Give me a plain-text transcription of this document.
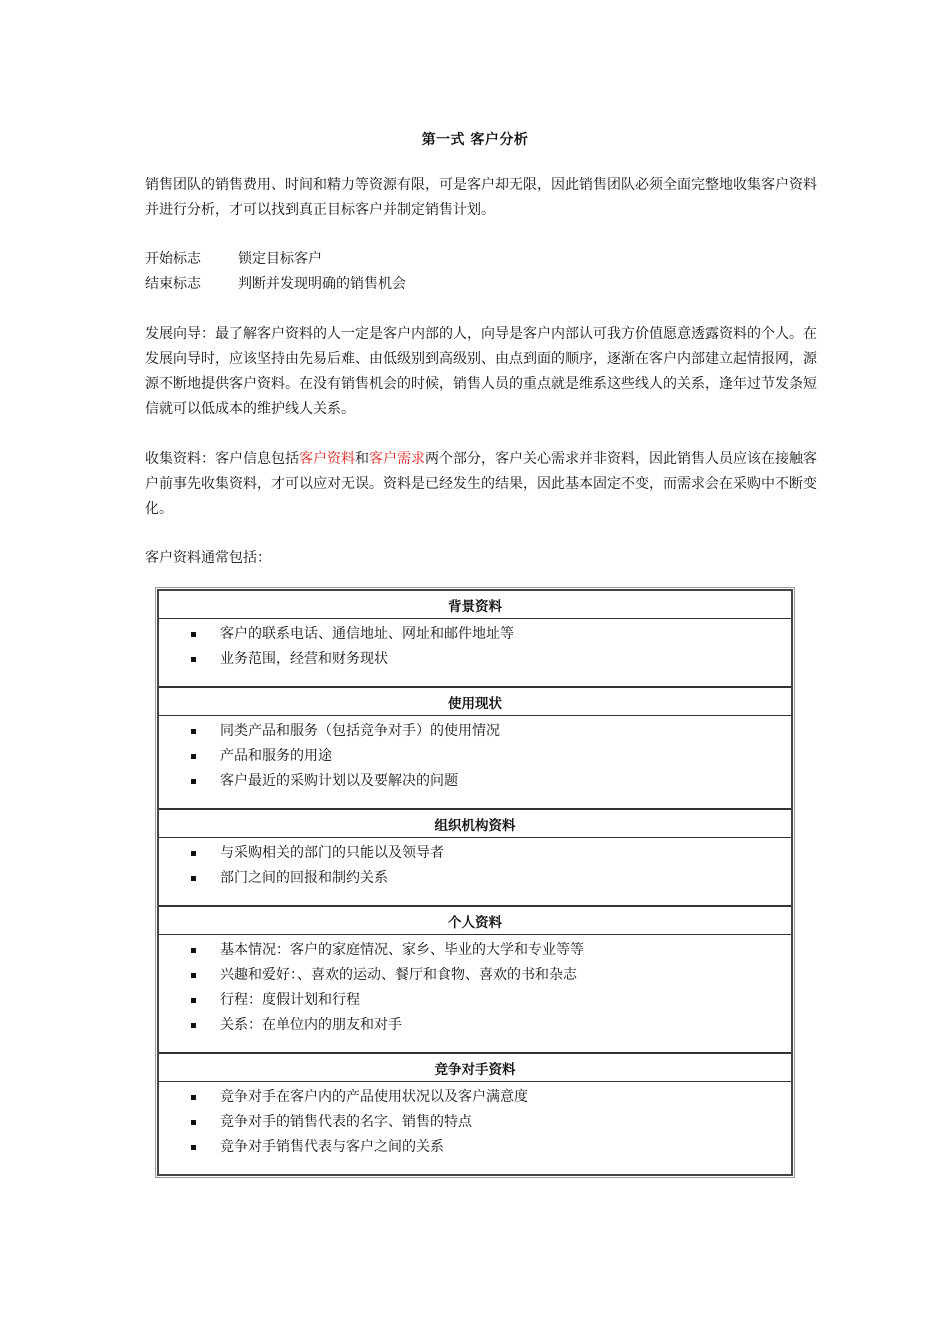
第一式 客户分析
销售团队的销售费用、时间和精力等资源有限，可是客户却无限，因此销售团队必须全面完整地收集客户资料并进行分析，才可以找到真正目标客户并制定销售计划。
开始标志	锁定目标客户
结束标志	判断并发现明确的销售机会
发展向导：最了解客户资料的人一定是客户内部的人，向导是客户内部认可我方价值愿意透露资料的个人。在发展向导时，应该坚持由先易后难、由低级别到高级别、由点到面的顺序，逐渐在客户内部建立起情报网，源源不断地提供客户资料。在没有销售机会的时候，销售人员的重点就是维系这些线人的关系，逢年过节发条短信就可以低成本的维护线人关系。
收集资料：客户信息包括客户资料和客户需求两个部分，客户关心需求并非资料，因此销售人员应该在接触客户前事先收集资料，才可以应对无误。资料是已经发生的结果，因此基本固定不变，而需求会在采购中不断变化。
客户资料通常包括：
背景资料

客户的联系电话、通信地址、网址和邮件地址等
业务范围，经营和财务现状

使用现状

同类产品和服务（包括竞争对手）的使用情况
产品和服务的用途
客户最近的采购计划以及要解决的问题

组织机构资料

与采购相关的部门的只能以及领导者
部门之间的回报和制约关系

个人资料

基本情况：客户的家庭情况、家乡、毕业的大学和专业等等
兴趣和爱好：、喜欢的运动、餐厅和食物、喜欢的书和杂志
行程：度假计划和行程
关系：在单位内的朋友和对手

竞争对手资料

竞争对手在客户内的产品使用状况以及客户满意度
竞争对手的销售代表的名字、销售的特点
竞争对手销售代表与客户之间的关系
